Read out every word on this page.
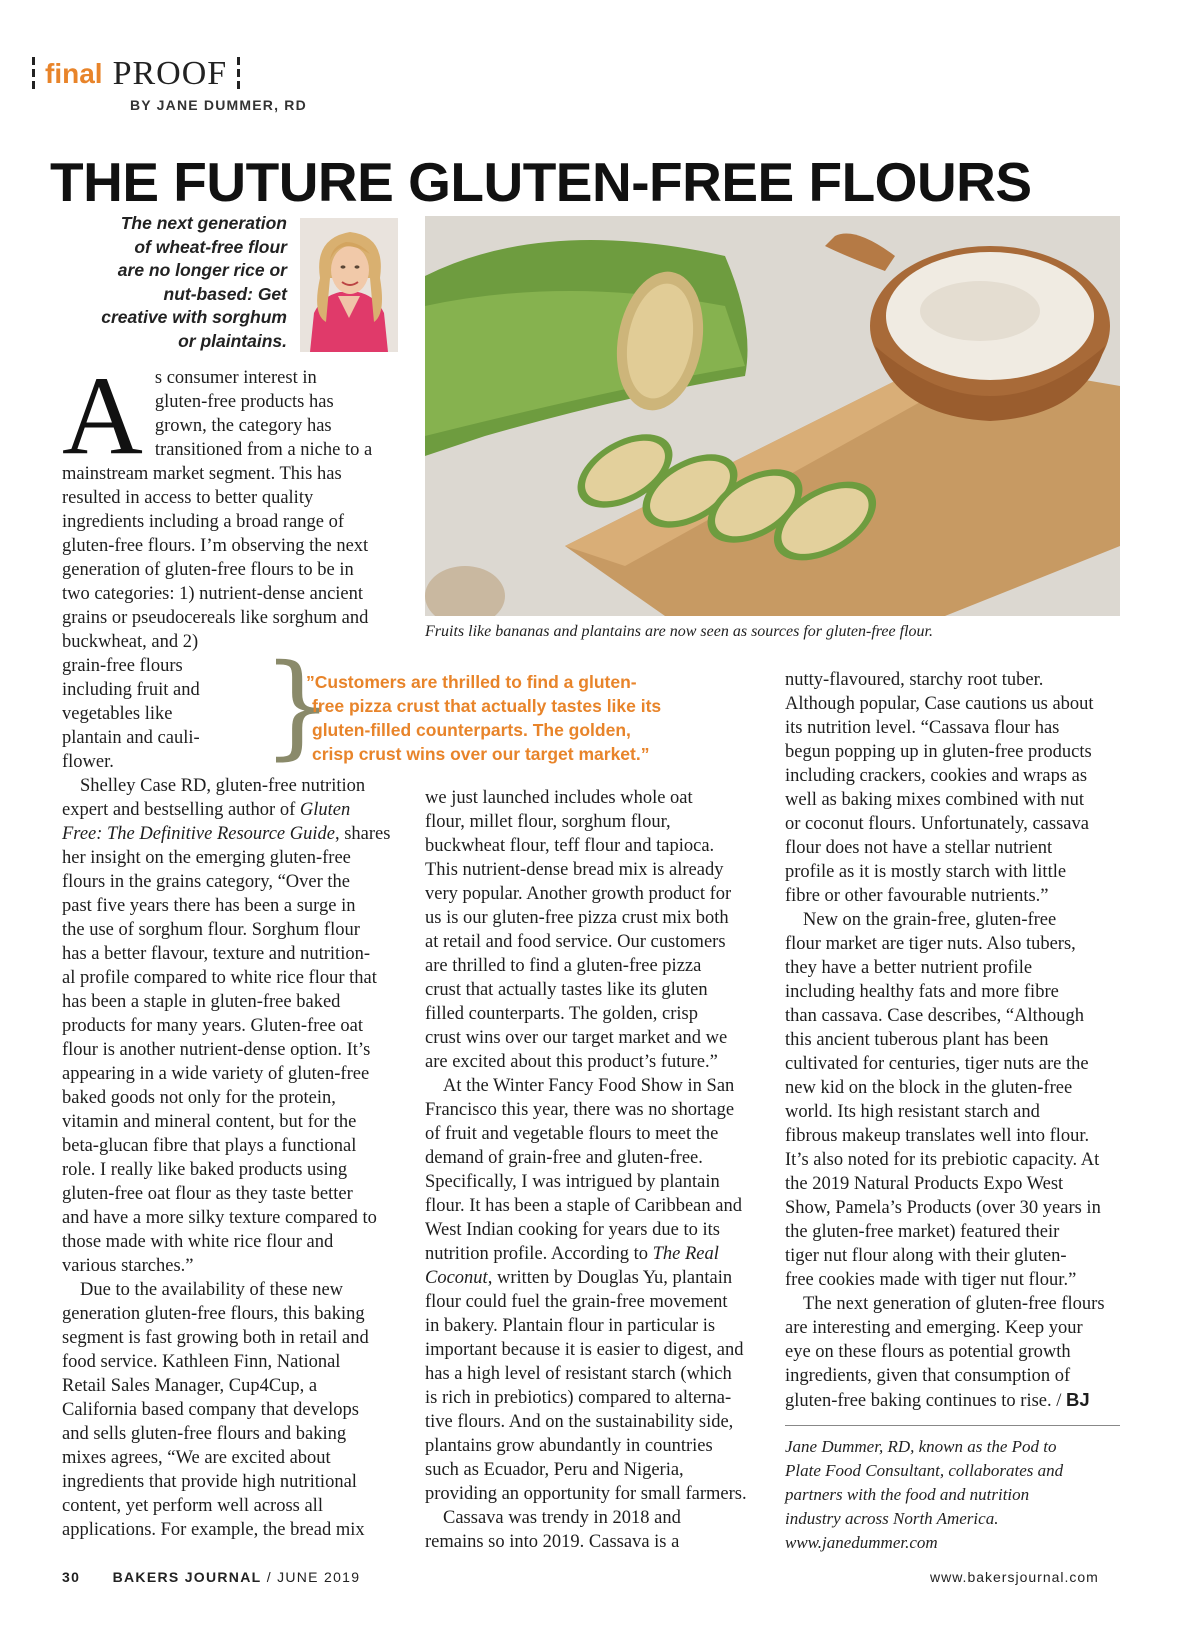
final PROOF
BY JANE DUMMER, RD
THE FUTURE GLUTEN-FREE FLOURS
The next generation
of wheat-free flour
are no longer rice or
nut-based: Get
creative with sorghum
or plaintains.
Fruits like bananas and plantains are now seen as sources for gluten-free flour.

A s consumer interest in
gluten-free products has
grown, the category has
transitioned from a niche to a
mainstream market segment. This has
resulted in access to better quality
ingredients including a broad range of
gluten-free flours. I’m observing the next
generation of gluten-free flours to be in
two categories: 1) nutrient-dense ancient
grains or pseudocereals like sorghum and
buckwheat, and 2)
grain-free flours
including fruit and
vegetables like
plantain and cauli-
flower.

Shelley Case RD, gluten-free nutrition
expert and bestselling author of Gluten
Free: The Definitive Resource Guide, shares
her insight on the emerging gluten-free
flours in the grains category, “Over the
past five years there has been a surge in
the use of sorghum flour. Sorghum flour
has a better flavour, texture and nutrition-
al profile compared to white rice flour that
has been a staple in gluten-free baked
products for many years. Gluten-free oat
flour is another nutrient-dense option. It’s
appearing in a wide variety of gluten-free
baked goods not only for the protein,
vitamin and mineral content, but for the
beta-glucan fibre that plays a functional
role. I really like baked products using
gluten-free oat flour as they taste better
and have a more silky texture compared to
those made with white rice flour and
various starches.”

Due to the availability of these new
generation gluten-free flours, this baking
segment is fast growing both in retail and
food service. Kathleen Finn, National
Retail Sales Manager, Cup4Cup, a
California based company that develops
and sells gluten-free flours and baking
mixes agrees, “We are excited about
ingredients that provide high nutritional
content, yet perform well across all
applications. For example, the bread mix

}
”Customers are thrilled to find a gluten-
free pizza crust that actually tastes like its
gluten-filled counterparts. The golden,
crisp crust wins over our target market.”

we just launched includes whole oat
flour, millet flour, sorghum flour,
buckwheat flour, teff flour and tapioca.
This nutrient-dense bread mix is already
very popular. Another growth product for
us is our gluten-free pizza crust mix both
at retail and food service. Our customers
are thrilled to find a gluten-free pizza
crust that actually tastes like its gluten
filled counterparts. The golden, crisp
crust wins over our target market and we
are excited about this product’s future.”

At the Winter Fancy Food Show in San
Francisco this year, there was no shortage
of fruit and vegetable flours to meet the
demand of grain-free and gluten-free.
Specifically, I was intrigued by plantain
flour. It has been a staple of Caribbean and
West Indian cooking for years due to its
nutrition profile. According to The Real
Coconut, written by Douglas Yu, plantain
flour could fuel the grain-free movement
in bakery. Plantain flour in particular is
important because it is easier to digest, and
has a high level of resistant starch (which
is rich in prebiotics) compared to alterna-
tive flours. And on the sustainability side,
plantains grow abundantly in countries
such as Ecuador, Peru and Nigeria,
providing an opportunity for small farmers.

Cassava was trendy in 2018 and
remains so into 2019. Cassava is a

nutty-flavoured, starchy root tuber.
Although popular, Case cautions us about
its nutrition level. “Cassava flour has
begun popping up in gluten-free products
including crackers, cookies and wraps as
well as baking mixes combined with nut
or coconut flours. Unfortunately, cassava
flour does not have a stellar nutrient
profile as it is mostly starch with little
fibre or other favourable nutrients.”

New on the grain-free, gluten-free
flour market are tiger nuts. Also tubers,
they have a better nutrient profile
including healthy fats and more fibre
than cassava. Case describes, “Although
this ancient tuberous plant has been
cultivated for centuries, tiger nuts are the
new kid on the block in the gluten-free
world. Its high resistant starch and
fibrous makeup translates well into flour.
It’s also noted for its prebiotic capacity. At
the 2019 Natural Products Expo West
Show, Pamela’s Products (over 30 years in
the gluten-free market) featured their
tiger nut flour along with their gluten-
free cookies made with tiger nut flour.”

The next generation of gluten-free flours
are interesting and emerging. Keep your
eye on these flours as potential growth
ingredients, given that consumption of
gluten-free baking continues to rise. / BJ

Jane Dummer, RD, known as the Pod to
Plate Food Consultant, collaborates and
partners with the food and nutrition
industry across North America.
www.janedummer.com
30 BAKERS JOURNAL / JUNE 2019	www.bakersjournal.com
